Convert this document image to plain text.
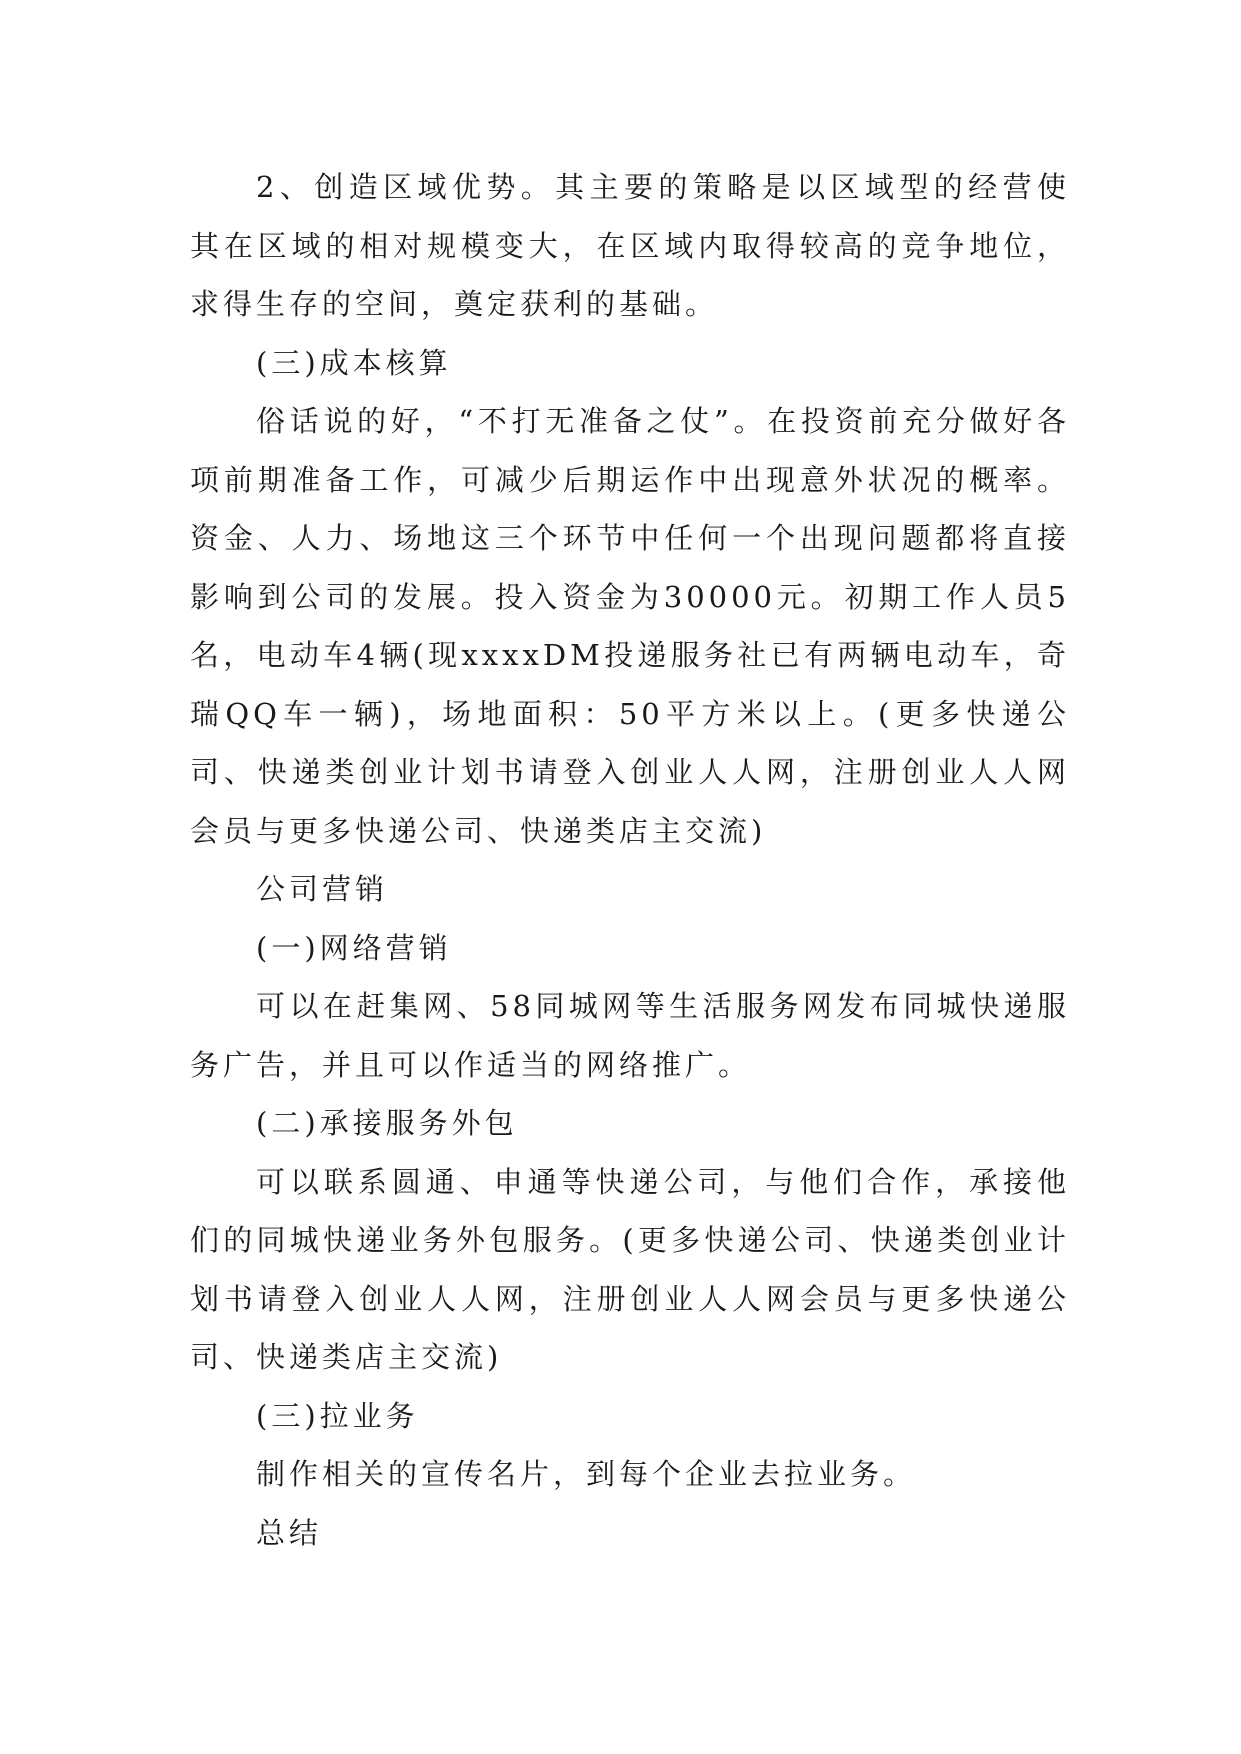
2、创造区域优势。其主要的策略是以区域型的经营使其在区域的相对规模变大，在区域内取得较高的竞争地位，求得生存的空间，奠定获利的基础。

(三)成本核算

俗话说的好，“不打无准备之仗”。在投资前充分做好各项前期准备工作，可减少后期运作中出现意外状况的概率。资金、人力、场地这三个环节中任何一个出现问题都将直接影响到公司的发展。投入资金为30000元。初期工作人员5名，电动车4辆(现xxxxDM投递服务社已有两辆电动车，奇瑞QQ车一辆)，场地面积：50平方米以上。(更多快递公司、快递类创业计划书请登入创业人人网，注册创业人人网会员与更多快递公司、快递类店主交流)

公司营销

(一)网络营销

可以在赶集网、58同城网等生活服务网发布同城快递服务广告，并且可以作适当的网络推广。

(二)承接服务外包

可以联系圆通、申通等快递公司，与他们合作，承接他们的同城快递业务外包服务。(更多快递公司、快递类创业计划书请登入创业人人网，注册创业人人网会员与更多快递公司、快递类店主交流)

(三)拉业务

制作相关的宣传名片，到每个企业去拉业务。

总结
